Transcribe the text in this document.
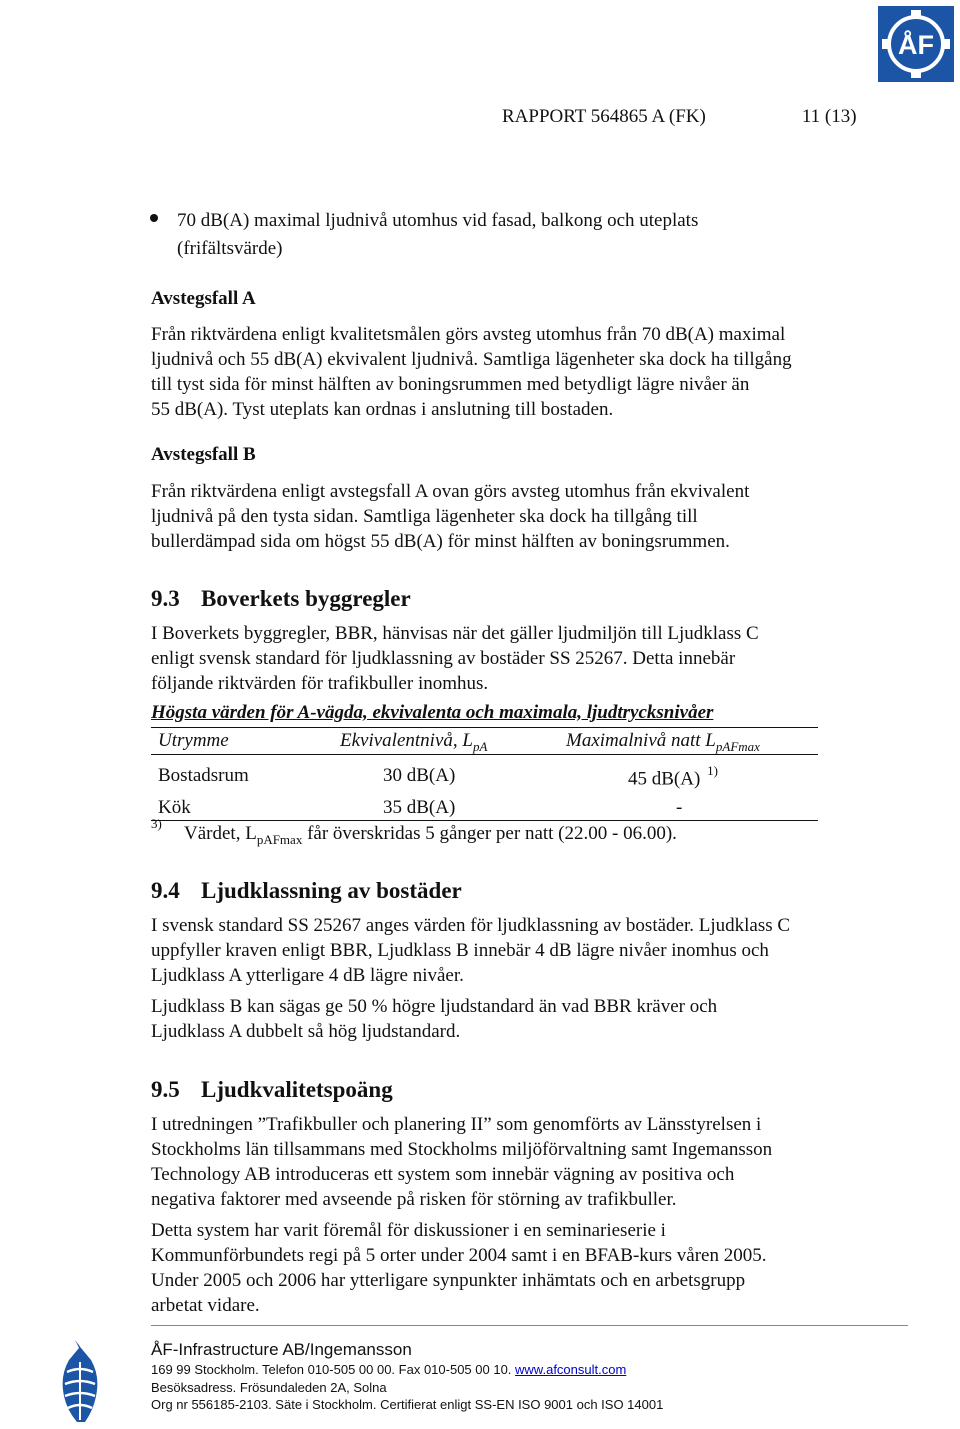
ÅF
RAPPORT 564865 A (FK)	11 (13)
70 dB(A) maximal ljudnivå utomhus vid fasad, balkong och uteplats
(frifältsvärde)
Avstegsfall A
Från riktvärdena enligt kvalitetsmålen görs avsteg utomhus från 70 dB(A) maximal
ljudnivå och 55 dB(A) ekvivalent ljudnivå. Samtliga lägenheter ska dock ha tillgång
till tyst sida för minst hälften av boningsrummen med betydligt lägre nivåer än
55 dB(A). Tyst uteplats kan ordnas i anslutning till bostaden.
Avstegsfall B
Från riktvärdena enligt avstegsfall A ovan görs avsteg utomhus från ekvivalent
ljudnivå på den tysta sidan. Samtliga lägenheter ska dock ha tillgång till
bullerdämpad sida om högst 55 dB(A) för minst hälften av boningsrummen.
9.3 Boverkets byggregler
I Boverkets byggregler, BBR, hänvisas när det gäller ljudmiljön till Ljudklass C
enligt svensk standard för ljudklassning av bostäder SS 25267. Detta innebär
följande riktvärden för trafikbuller inomhus.
Högsta värden för A-vägda, ekvivalenta och maximala, ljudtrycksnivåer
Utrymme	Ekvivalentnivå, $L_{pA}$	Maximalnivå natt $L_{pAFmax}$
Bostadsrum	30 dB(A)	45 dB(A) $^{1)}$
Kök	35 dB(A)	-
3) Värdet, $L_{pAFmax}$ får överskridas 5 gånger per natt (22.00 - 06.00).
9.4 Ljudklassning av bostäder
I svensk standard SS 25267 anges värden för ljudklassning av bostäder. Ljudklass C
uppfyller kraven enligt BBR, Ljudklass B innebär 4 dB lägre nivåer inomhus och
Ljudklass A ytterligare 4 dB lägre nivåer.
Ljudklass B kan sägas ge 50 % högre ljudstandard än vad BBR kräver och
Ljudklass A dubbelt så hög ljudstandard.
9.5 Ljudkvalitetspoäng
I utredningen ”Trafikbuller och planering II” som genomförts av Länsstyrelsen i
Stockholms län tillsammans med Stockholms miljöförvaltning samt Ingemansson
Technology AB introduceras ett system som innebär vägning av positiva och
negativa faktorer med avseende på risken för störning av trafikbuller.
Detta system har varit föremål för diskussioner i en seminarieserie i
Kommunförbundets regi på 5 orter under 2004 samt i en BFAB-kurs våren 2005.
Under 2005 och 2006 har ytterligare synpunkter inhämtats och en arbetsgrupp
arbetat vidare.
ÅF-Infrastructure AB/Ingemansson
169 99 Stockholm. Telefon 010-505 00 00. Fax 010-505 00 10. www.afconsult.com
Besöksadress. Frösundaleden 2A, Solna
Org nr 556185-2103. Säte i Stockholm. Certifierat enligt SS-EN ISO 9001 och ISO 14001
